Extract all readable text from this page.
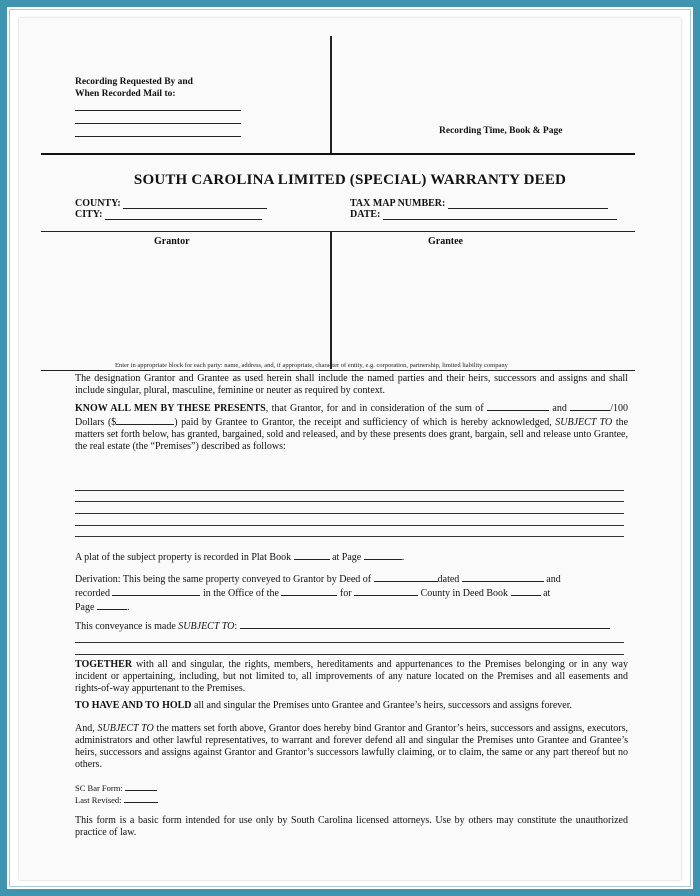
Recording Requested By and
When Recorded Mail to:
Recording Time, Book & Page
SOUTH CAROLINA LIMITED (SPECIAL) WARRANTY DEED
COUNTY:
CITY:
TAX MAP NUMBER:
DATE:
Grantor	Grantee
Enter in appropriate block for each party: name, address, and, if appropriate, character of entity, e.g. corporation, partnership, limited liability company
The designation Grantor and Grantee as used herein shall include the named parties and their heirs, successors and assigns and shall include singular, plural, masculine, feminine or neuter as required by context.
KNOW ALL MEN BY THESE PRESENTS, that Grantor, for and in consideration of the sum of	and	/100 Dollars ($	) paid by Grantee to Grantor, the receipt and sufficiency of which is hereby acknowledged, SUBJECT TO the matters set forth below, has granted, bargained, sold and released, and by these presents does grant, bargain, sell and release unto Grantee, the real estate (the “Premises”) described as follows:
A plat of the subject property is recorded in Plat Book	at Page	.
Derivation: This being the same property conveyed to Grantor by Deed of	dated	and
recorded	in the Office of the	for	County in Deed Book	at
Page	.
This conveyance is made SUBJECT TO:
TOGETHER with all and singular, the rights, members, hereditaments and appurtenances to the Premises belonging or in any way incident or appertaining, including, but not limited to, all improvements of any nature located on the Premises and all easements and rights-of-way appurtenant to the Premises.
TO HAVE AND TO HOLD all and singular the Premises unto Grantee and Grantee’s heirs, successors and assigns forever.
And, SUBJECT TO the matters set forth above, Grantor does hereby bind Grantor and Grantor’s heirs, successors and assigns, executors, administrators and other lawful representatives, to warrant and forever defend all and singular the Premises unto Grantee and Grantee’s heirs, successors and assigns against Grantor and Grantor’s successors lawfully claiming, or to claim, the same or any part thereof but no others.
SC Bar Form:
Last Revised:
This form is a basic form intended for use only by South Carolina licensed attorneys. Use by others may constitute the unauthorized practice of law.
